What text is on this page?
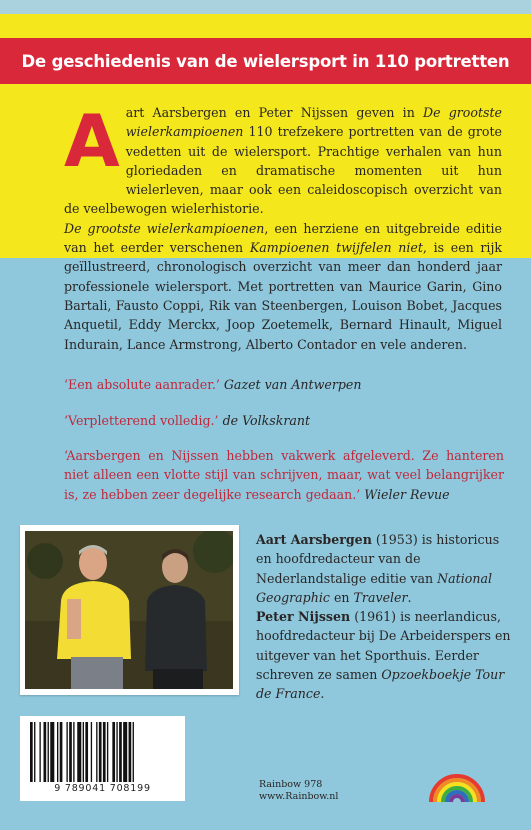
De geschiedenis van de wielersport in 110 portretten
A art Aarsbergen en Peter Nijssen geven in De grootste wielerkampioenen 110 trefzekere portretten van de grote vedetten uit de wielersport. Prachtige verhalen van hun gloriedaden en dramatische momenten uit hun wielerleven, maar ook een caleidoscopisch overzicht van de veelbewogen wielerhistorie.

De grootste wielerkampioenen, een herziene en uitgebreide editie van het eerder verschenen Kampioenen twijfelen niet, is een rijk geïllustreerd, chronologisch overzicht van meer dan honderd jaar professionele wielersport. Met portretten van Maurice Garin, Gino Bartali, Fausto Coppi, Rik van Steenbergen, Louison Bobet, Jacques Anquetil, Eddy Merckx, Joop Zoetemelk, Bernard Hinault, Miguel Indurain, Lance Armstrong, Alberto Contador en vele anderen.

‘Een absolute aanrader.’ Gazet van Antwerpen
‘Verpletterend volledig.’ de Volkskrant
‘Aarsbergen en Nijssen hebben vakwerk afgeleverd. Ze hanteren niet alleen een vlotte stijl van schrijven, maar, wat veel belangrijker is, ze hebben zeer degelijke research gedaan.’ Wieler Revue

Aart Aarsbergen (1953) is historicus en hoofdredacteur van de Nederlandstalige editie van National Geographic en Traveler.

Peter Nijssen (1961) is neerlandicus, hoofdredacteur bij De Arbeiderspers en uitgever van het Sporthuis. Eerder schreven ze samen Opzoekboekje Tour de France.

9 789041 708199	Rainbow 978
www.Rainbow.nl
